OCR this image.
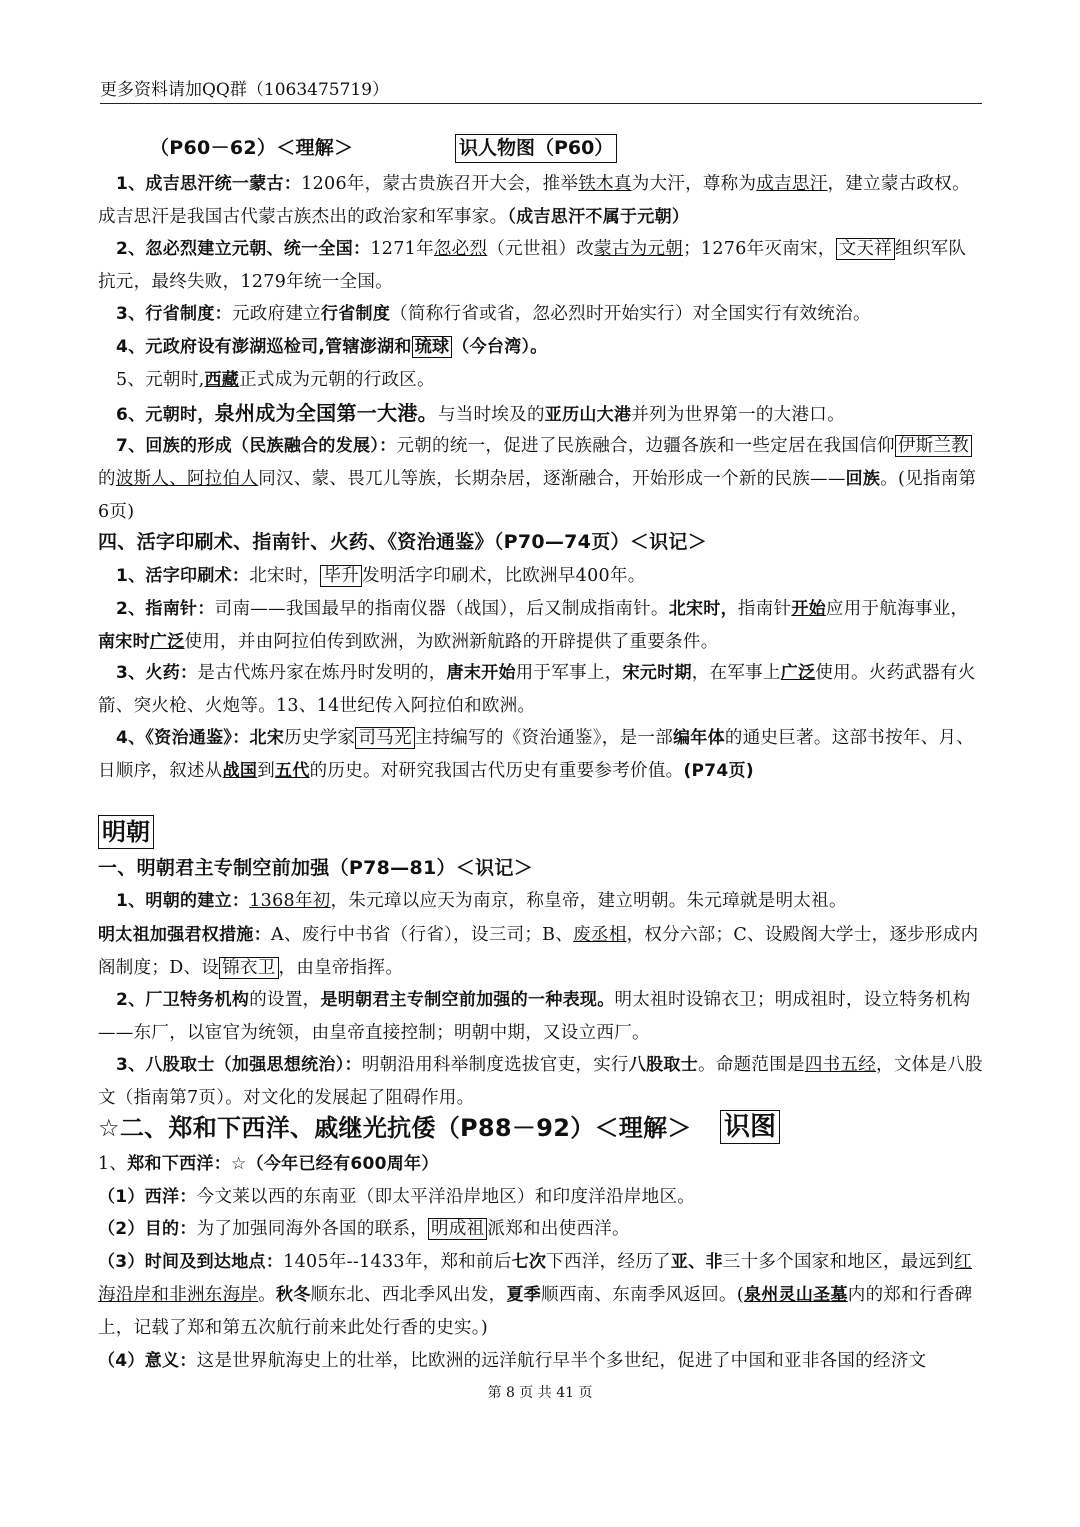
更多资料请加QQ群（1063475719）
（P60－62）＜理解＞	识人物图（P60）
1、成吉思汗统一蒙古：1206年，蒙古贵族召开大会，推举铁木真为大汗，尊称为成吉思汗，建立蒙古政权。成吉思汗是我国古代蒙古族杰出的政治家和军事家。（成吉思汗不属于元朝）
2、忽必烈建立元朝、统一全国：1271年忽必烈（元世祖）改蒙古为元朝；1276年灭南宋， 文天祥 组织军队抗元，最终失败，1279年统一全国。
3、行省制度：元政府建立行省制度（简称行省或省，忽必烈时开始实行）对全国实行有效统治。
4、元政府设有澎湖巡检司,管辖澎湖和 琉球 （今台湾）。
5、元朝时,西藏正式成为元朝的行政区。
6、元朝时，泉州成为全国第一大港。与当时埃及的亚历山大港并列为世界第一的大港口。
7、回族的形成（民族融合的发展）：元朝的统一，促进了民族融合，边疆各族和一些定居在我国信仰 伊斯兰教的波斯人、阿拉伯人同汉、蒙、畏兀儿等族，长期杂居，逐渐融合，开始形成一个新的民族——回族。(见指南第6页)
四、活字印刷术、指南针、火药、《资治通鉴》（P70—74页）＜识记＞
1、活字印刷术：北宋时， 毕升 发明活字印刷术，比欧洲早400年。
2、指南针：司南——我国最早的指南仪器（战国），后又制成指南针。北宋时，指南针开始应用于航海事业，南宋时广泛使用，并由阿拉伯传到欧洲，为欧洲新航路的开辟提供了重要条件。
3、火药：是古代炼丹家在炼丹时发明的，唐末开始用于军事上，宋元时期，在军事上广泛使用。火药武器有火箭、突火枪、火炮等。13、14世纪传入阿拉伯和欧洲。
4、《资治通鉴》：北宋历史学家 司马光 主持编写的《资治通鉴》，是一部编年体的通史巨著。这部书按年、月、日顺序，叙述从战国到五代的历史。对研究我国古代历史有重要参考价值。(P74页)
明朝
一、明朝君主专制空前加强（P78—81）＜识记＞
1、明朝的建立：1368年初，朱元璋以应天为南京，称皇帝，建立明朝。朱元璋就是明太祖。
明太祖加强君权措施：A、废行中书省（行省），设三司；B、废丞相，权分六部；C、设殿阁大学士，逐步形成内阁制度；D、设 锦衣卫 ，由皇帝指挥。
2、厂卫特务机构的设置，是明朝君主专制空前加强的一种表现。明太祖时设锦衣卫；明成祖时，设立特务机构——东厂，以宦官为统领，由皇帝直接控制；明朝中期，又设立西厂。
3、八股取士（加强思想统治）：明朝沿用科举制度选拔官吏，实行八股取士。命题范围是四书五经，文体是八股文（指南第7页）。对文化的发展起了阻碍作用。
☆二、郑和下西洋、戚继光抗倭（P88－92）＜理解＞	识图
1、郑和下西洋：☆（今年已经有600周年）
（1）西洋：今文莱以西的东南亚（即太平洋沿岸地区）和印度洋沿岸地区。
（2）目的：为了加强同海外各国的联系， 明成祖 派郑和出使西洋。
（3）时间及到达地点：1405年--1433年，郑和前后七次下西洋，经历了亚、非三十多个国家和地区，最远到红海沿岸和非洲东海岸。秋冬顺东北、西北季风出发，夏季顺西南、东南季风返回。(泉州灵山圣墓内的郑和行香碑上，记载了郑和第五次航行前来此处行香的史实。)
（4）意义：这是世界航海史上的壮举，比欧洲的远洋航行早半个多世纪，促进了中国和亚非各国的经济文
第 8 页 共 41 页
